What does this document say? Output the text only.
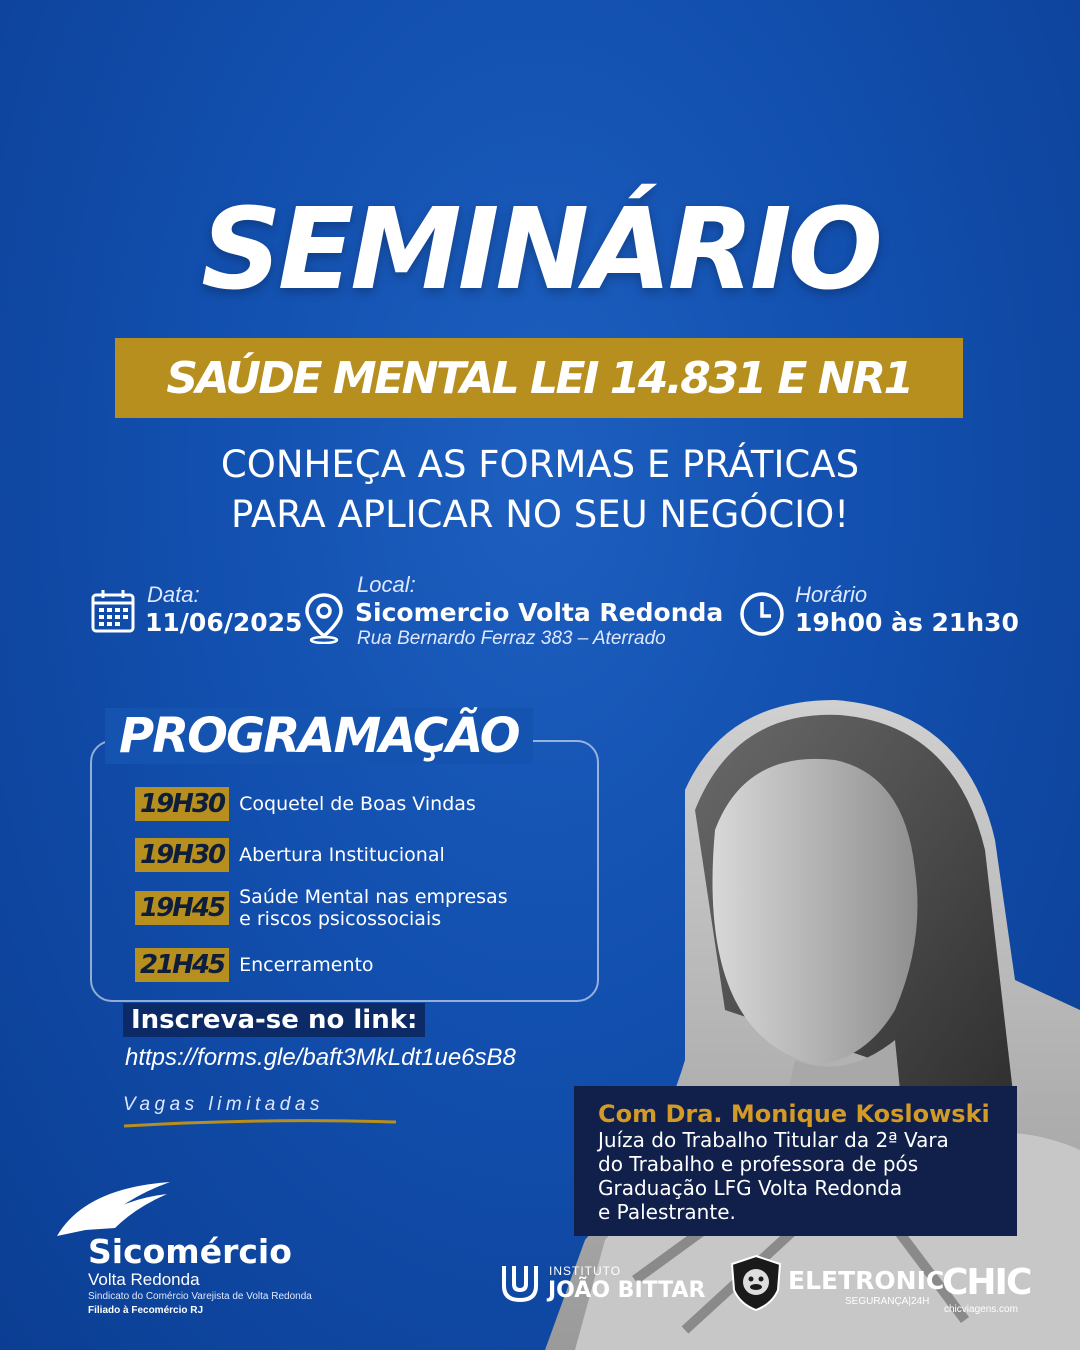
SEMINÁRIO
SAÚDE MENTAL LEI 14.831 E NR1
CONHEÇA AS FORMAS E PRÁTICAS
PARA APLICAR NO SEU NEGÓCIO!
Data:
11/06/2025
Local:
Sicomercio Volta Redonda
Rua Bernardo Ferraz 383 – Aterrado
Horário
19h00 às 21h30
PROGRAMAÇÃO
19H30 Coquetel de Boas Vindas
19H30 Abertura Institucional
19H45 Saúde Mental nas empresas
e riscos psicossociais
21H45 Encerramento
Inscreva-se no link:
https://forms.gle/baft3MkLdt1ue6sB8
Vagas limitadas	Com Dra. Monique Koslowski
Juíza do Trabalho Titular da 2ª Vara
do Trabalho e professora de pós
Graduação LFG Volta Redonda
e Palestrante.
Sicomércio
Volta Redonda
Sindicato do Comércio Varejista de Volta Redonda
Filiado à Fecomércio RJ
INSTITUTO
JOÃO BITTAR	ELETRONIC
SEGURANÇA|24H CHIC
chicviagens.com
